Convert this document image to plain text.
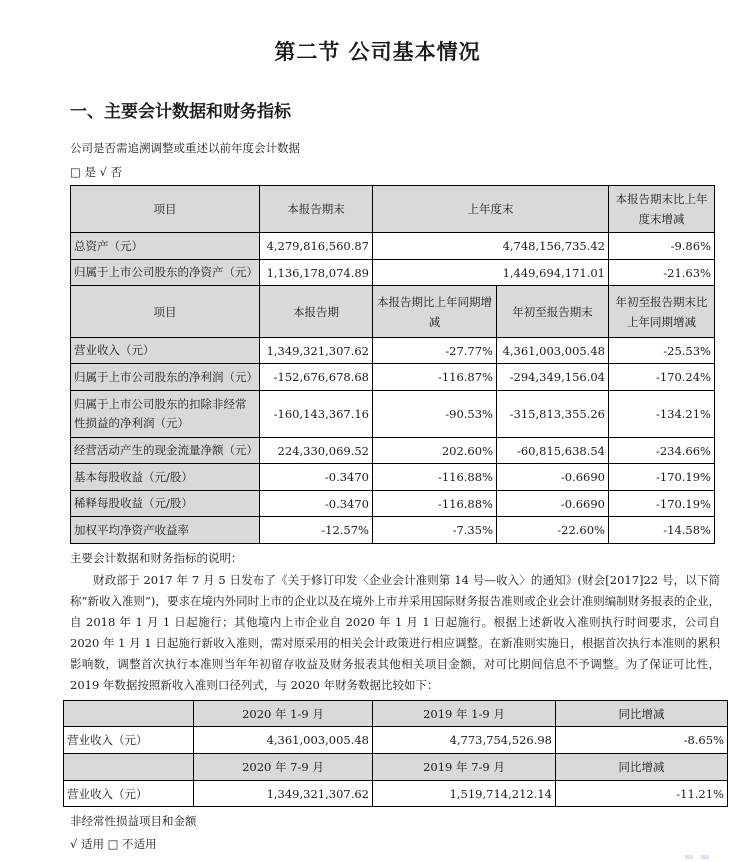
第二节 公司基本情况
一、主要会计数据和财务指标
公司是否需追溯调整或重述以前年度会计数据
□ 是 √ 否
项目	本报告期末	上年度末		本报告期末比上年度末增减
总资产（元）	4,279,816,560.87	4,748,156,735.42		-9.86%
归属于上市公司股东的净资产（元）	1,136,178,074.89	1,449,694,171.01		-21.63%
项目	本报告期	本报告期比上年同期增减	年初至报告期末	年初至报告期末比上年同期增减
营业收入（元）	1,349,321,307.62	-27.77%	4,361,003,005.48	-25.53%
归属于上市公司股东的净利润（元）	-152,676,678.68	-116.87%	-294,349,156.04	-170.24%
归属于上市公司股东的扣除非经常性损益的净利润（元）	-160,143,367.16	-90.53%	-315,813,355.26	-134.21%
经营活动产生的现金流量净额（元）	224,330,069.52	202.60%	-60,815,638.54	-234.66%
基本每股收益（元/股）	-0.3470	-116.88%	-0.6690	-170.19%
稀释每股收益（元/股）	-0.3470	-116.88%	-0.6690	-170.19%
加权平均净资产收益率	-12.57%	-7.35%	-22.60%	-14.58%
主要会计数据和财务指标的说明：
财政部于 2017 年 7 月 5 日发布了《关于修订印发〈企业会计准则第 14 号—收入〉的通知》(财会[2017]22 号，以下简称“新收入准则”)，要求在境内外同时上市的企业以及在境外上市并采用国际财务报告准则或企业会计准则编制财务报表的企业，自 2018 年 1 月 1 日起施行；其他境内上市企业自 2020 年 1 月 1 日起施行。根据上述新收入准则执行时间要求，公司自 2020 年 1 月 1 日起施行新收入准则，需对原采用的相关会计政策进行相应调整。在新准则实施日，根据首次执行本准则的累积影响数，调整首次执行本准则当年年初留存收益及财务报表其他相关项目金额，对可比期间信息不予调整。为了保证可比性，2019 年数据按照新收入准则口径列式，与 2020 年财务数据比较如下：
	2020 年 1-9 月	2019 年 1-9 月	同比增减
营业收入（元）	4,361,003,005.48	4,773,754,526.98	-8.65%
	2020 年 7-9 月	2019 年 7-9 月	同比增减
营业收入（元）	1,349,321,307.62	1,519,714,212.14	-11.21%
非经常性损益项目和金额
√ 适用 □ 不适用
